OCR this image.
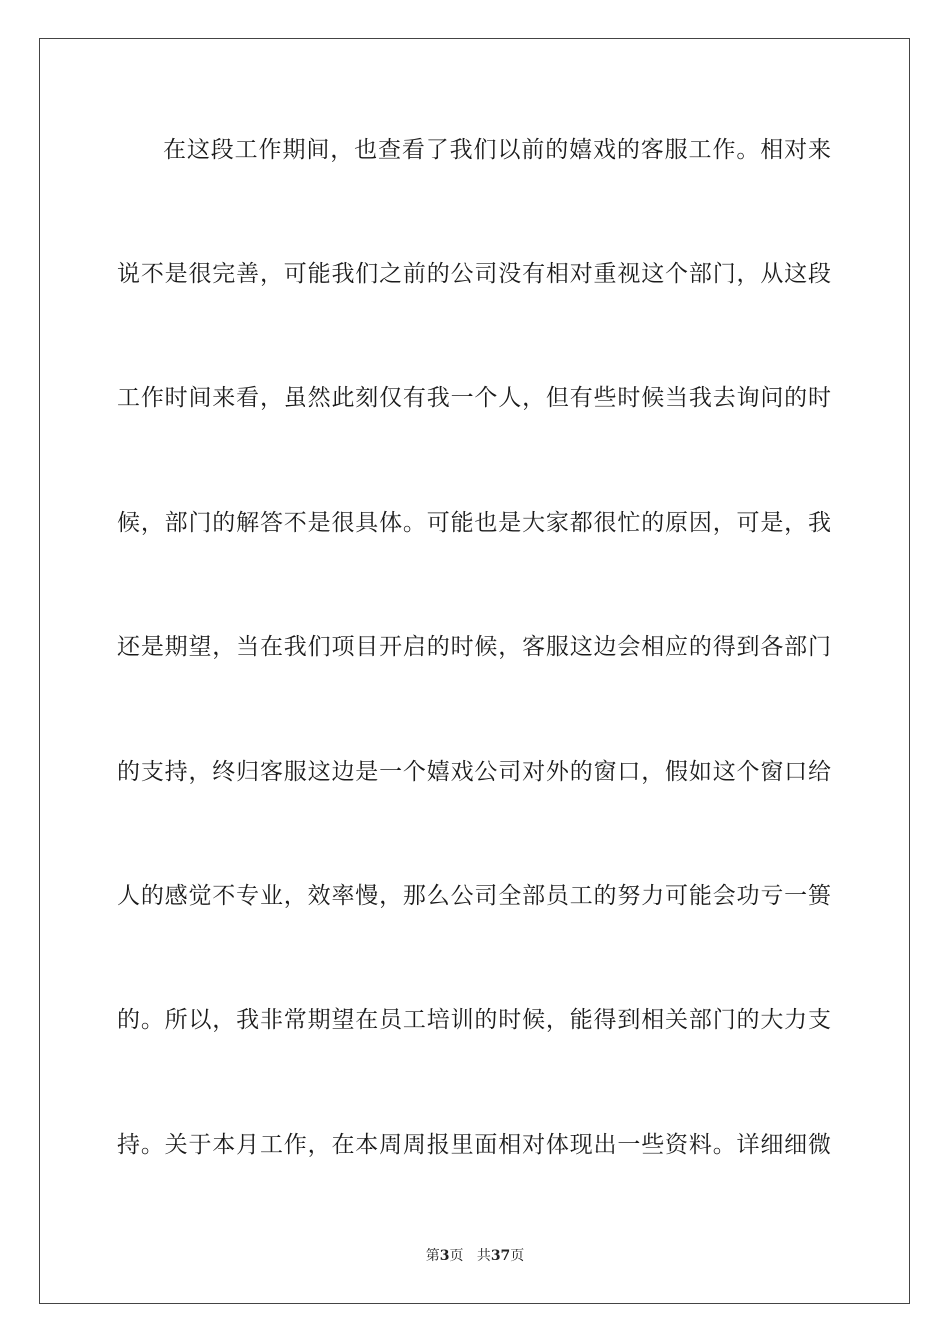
在这段工作期间，也查看了我们以前的嬉戏的客服工作。相对来
说不是很完善，可能我们之前的公司没有相对重视这个部门，从这段
工作时间来看，虽然此刻仅有我一个人，但有些时候当我去询问的时
候，部门的解答不是很具体。可能也是大家都很忙的原因，可是，我
还是期望，当在我们项目开启的时候，客服这边会相应的得到各部门
的支持，终归客服这边是一个嬉戏公司对外的窗口，假如这个窗口给
人的感觉不专业，效率慢，那么公司全部员工的努力可能会功亏一篑
的。所以，我非常期望在员工培训的时候，能得到相关部门的大力支
持。关于本月工作，在本周周报里面相对体现出一些资料。详细细微
第3页 共37页
